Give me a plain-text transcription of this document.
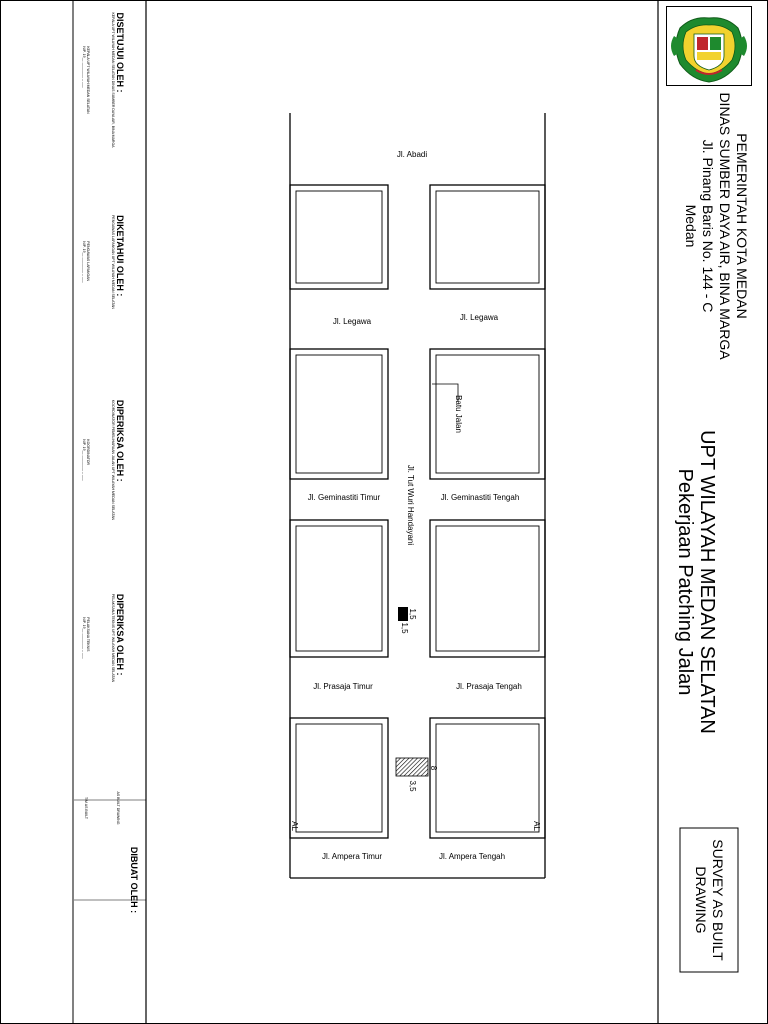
PEMERINTAH KOTA MEDAN
DINAS SUMBER DAYA AIR, BINA MARGA
Jl. Pinang Baris No. 144 - C
Medan
UPT WILAYAH MEDAN SELATAN
Pekerjaan Patching Jalan
SURVEY AS BUILT
DRAWING
Jl. Abadi
Jl. Legawa	Jl. Legawa
Jl. Geminastiti Timur	Jl. Geminastiti Tengah
Jl. Prasaja Timur	Jl. Prasaja Tengah
Jl. Ampera Timur	Jl. Ampera Tengah
Jl. Tut Wuri Handayani
Batu Jalan
AL	AL
1,5
1,5
8
3,5
DISETUJUI OLEH :
KEPALA UPT WILAYAH MEDAN SELATAN DINAS SUMBER DAYA AIR, BINA MARGA
KEPALA UPT WILAYAH MEDAN SELATAN
NIP. 19__ ________ _ ___
DIKETAHUI OLEH :
PENGAWAS LAPANGAN UPT WILAYAH MEDAN SELATAN
PENGAWAS LAPANGAN
NIP. 19__ ________ _ ___
DIPERIKSA OLEH :
KOORDINATOR PEMELIHARAAN JALAN UPT WILAYAH MEDAN SELATAN
KOORDINATOR
NIP. 19__ ________ _ ___
DIPERIKSA OLEH :
PELAKSANA TEKNIS UPT WILAYAH MEDAN SELATAN
PELAKSANA TEKNIS
NIP. 19__ ________ _ ___
DIBUAT OLEH :
AS BUILT DRAWING
TIM AS BUILT
